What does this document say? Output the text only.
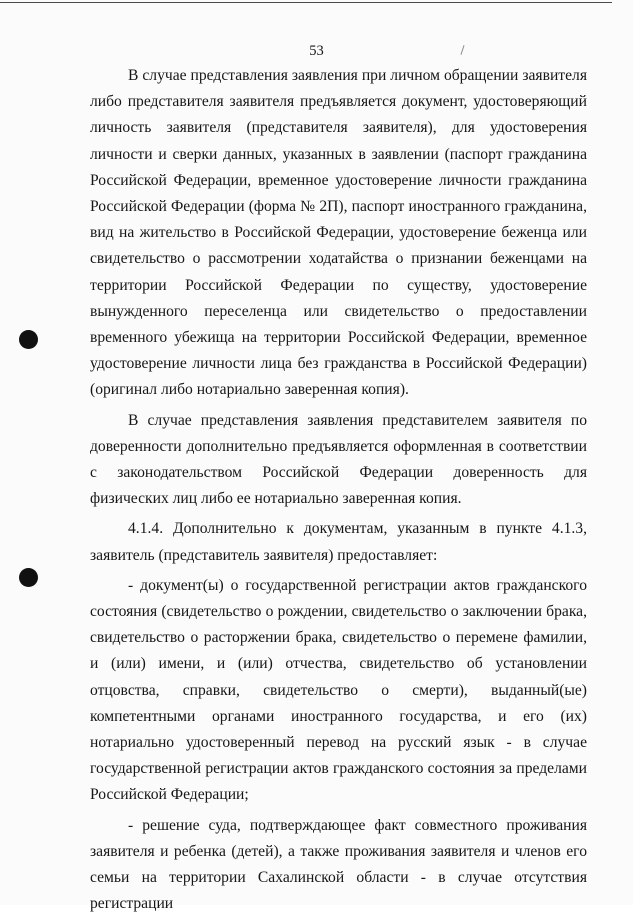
53

В случае представления заявления при личном обращении заявителя либо представителя заявителя предъявляется документ, удостоверяющий личность заявителя (представителя заявителя), для удостоверения личности и сверки данных, указанных в заявлении (паспорт гражданина Российской Федерации, временное удостоверение личности гражданина Российской Федерации (форма № 2П), паспорт иностранного гражданина, вид на жительство в Российской Федерации, удостоверение беженца или свидетельство о рассмотрении ходатайства о признании беженцами на территории Российской Федерации по существу, удостоверение вынужденного переселенца или свидетельство о предоставлении временного убежища на территории Российской Федерации, временное удостоверение личности лица без гражданства в Российской Федерации) (оригинал либо нотариально заверенная копия).

В случае представления заявления представителем заявителя по доверенности дополнительно предъявляется оформленная в соответствии с законодательством Российской Федерации доверенность для физических лиц либо ее нотариально заверенная копия.

4.1.4. Дополнительно к документам, указанным в пункте 4.1.3, заявитель (представитель заявителя) предоставляет:

- документ(ы) о государственной регистрации актов гражданского состояния (свидетельство о рождении, свидетельство о заключении брака, свидетельство о расторжении брака, свидетельство о перемене фамилии, и (или) имени, и (или) отчества, свидетельство об установлении отцовства, справки, свидетельство о смерти), выданный(ые) компетентными органами иностранного государства, и его (их) нотариально удостоверенный перевод на русский язык - в случае государственной регистрации актов гражданского состояния за пределами Российской Федерации;

- решение суда, подтверждающее факт совместного проживания заявителя и ребенка (детей), а также проживания заявителя и членов его семьи на территории Сахалинской области - в случае отсутствия регистрации
